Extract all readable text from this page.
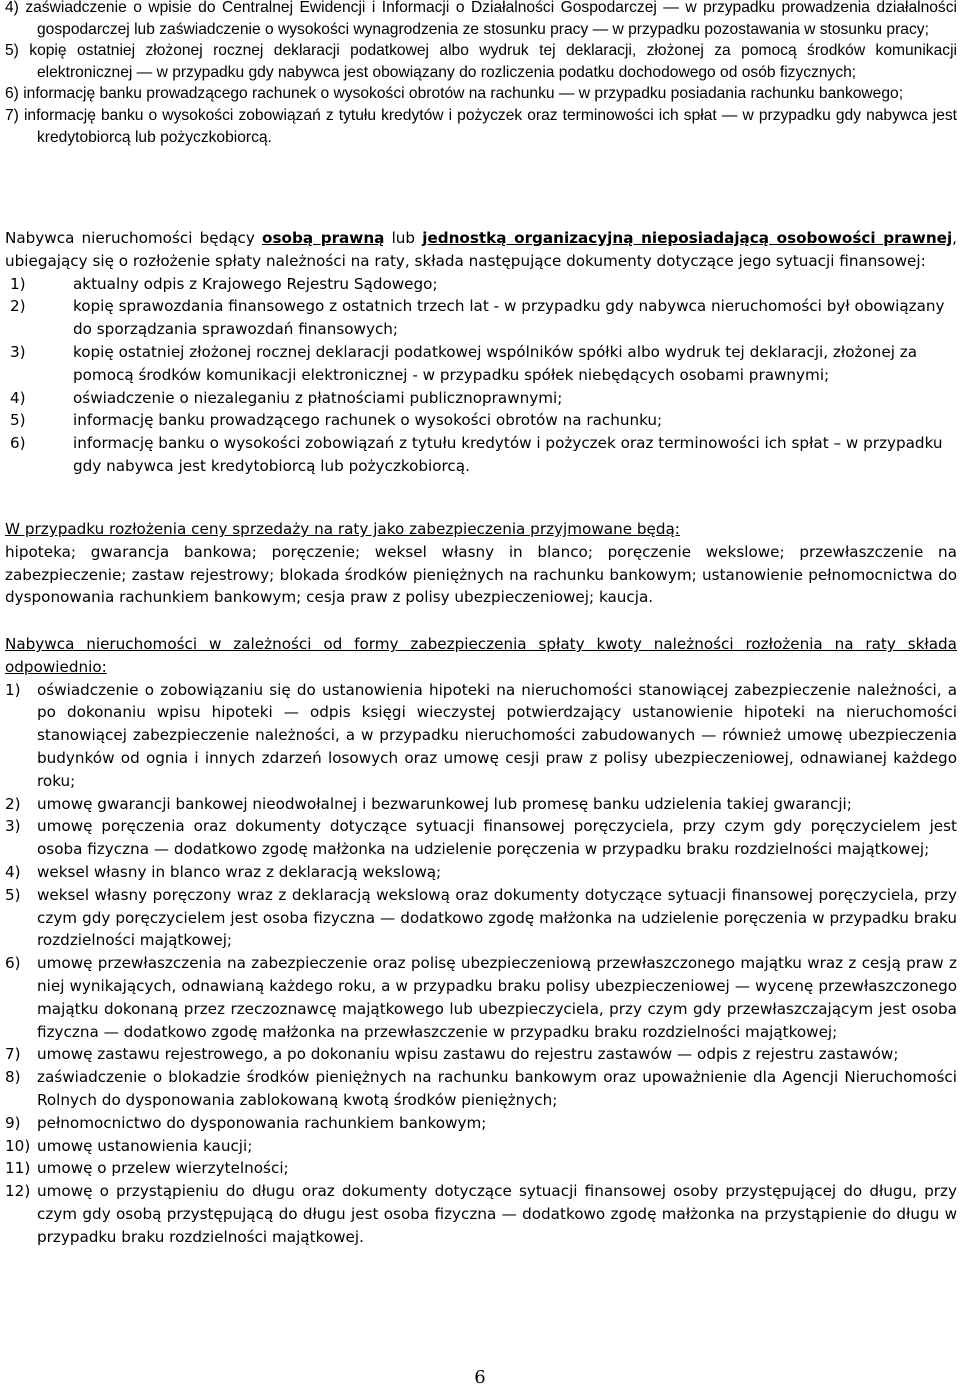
4) zaświadczenie o wpisie do Centralnej Ewidencji i Informacji o Działalności Gospodarczej — w przypadku prowadzenia działalności gospodarczej lub zaświadczenie o wysokości wynagrodzenia ze stosunku pracy — w przypadku pozostawania w stosunku pracy;

5) kopię ostatniej złożonej rocznej deklaracji podatkowej albo wydruk tej deklaracji, złożonej za pomocą środków komunikacji elektronicznej — w przypadku gdy nabywca jest obowiązany do rozliczenia podatku dochodowego od osób fizycznych;

6) informację banku prowadzącego rachunek o wysokości obrotów na rachunku — w przypadku posiadania rachunku bankowego;

7) informację banku o wysokości zobowiązań z tytułu kredytów i pożyczek oraz terminowości ich spłat — w przypadku gdy nabywca jest kredytobiorcą lub pożyczkobiorcą.

Nabywca nieruchomości będący osobą prawną lub jednostką organizacyjną nieposiadającą osobowości prawnej, ubiegający się o rozłożenie spłaty należności na raty, składa następujące dokumenty dotyczące jego sytuacji finansowej:

1)	aktualny odpis z Krajowego Rejestru Sądowego;
2)	kopię sprawozdania finansowego z ostatnich trzech lat - w przypadku gdy nabywca nieruchomości był obowiązany do sporządzania sprawozdań finansowych;
3)	kopię ostatniej złożonej rocznej deklaracji podatkowej wspólników spółki albo wydruk tej deklaracji, złożonej za pomocą środków komunikacji elektronicznej - w przypadku spółek niebędących osobami prawnymi;
4)	oświadczenie o niezaleganiu z płatnościami publicznoprawnymi;
5)	informację banku prowadzącego rachunek o wysokości obrotów na rachunku;
6)	informację banku o wysokości zobowiązań z tytułu kredytów i pożyczek oraz terminowości ich spłat – w przypadku gdy nabywca jest kredytobiorcą lub pożyczkobiorcą.

W przypadku rozłożenia ceny sprzedaży na raty jako zabezpieczenia przyjmowane będą:

hipoteka; gwarancja bankowa; poręczenie; weksel własny in blanco; poręczenie wekslowe; przewłaszczenie na zabezpieczenie; zastaw rejestrowy; blokada środków pieniężnych na rachunku bankowym; ustanowienie pełnomocnictwa do dysponowania rachunkiem bankowym; cesja praw z polisy ubezpieczeniowej; kaucja.

Nabywca nieruchomości w zależności od formy zabezpieczenia spłaty kwoty należności rozłożenia na raty składa odpowiednio:

1) oświadczenie o zobowiązaniu się do ustanowienia hipoteki na nieruchomości stanowiącej zabezpieczenie należności, a po dokonaniu wpisu hipoteki — odpis księgi wieczystej potwierdzający ustanowienie hipoteki na nieruchomości stanowiącej zabezpieczenie należności, a w przypadku nieruchomości zabudowanych — również umowę ubezpieczenia budynków od ognia i innych zdarzeń losowych oraz umowę cesji praw z polisy ubezpieczeniowej, odnawianej każdego roku;
2) umowę gwarancji bankowej nieodwołalnej i bezwarunkowej lub promesę banku udzielenia takiej gwarancji;
3) umowę poręczenia oraz dokumenty dotyczące sytuacji finansowej poręczyciela, przy czym gdy poręczycielem jest osoba fizyczna — dodatkowo zgodę małżonka na udzielenie poręczenia w przypadku braku rozdzielności majątkowej;
4) weksel własny in blanco wraz z deklaracją wekslową;
5) weksel własny poręczony wraz z deklaracją wekslową oraz dokumenty dotyczące sytuacji finansowej poręczyciela, przy czym gdy poręczycielem jest osoba fizyczna — dodatkowo zgodę małżonka na udzielenie poręczenia w przypadku braku rozdzielności majątkowej;
6) umowę przewłaszczenia na zabezpieczenie oraz polisę ubezpieczeniową przewłaszczonego majątku wraz z cesją praw z niej wynikających, odnawianą każdego roku, a w przypadku braku polisy ubezpieczeniowej — wycenę przewłaszczonego majątku dokonaną przez rzeczoznawcę majątkowego lub ubezpieczyciela, przy czym gdy przewłaszczającym jest osoba fizyczna — dodatkowo zgodę małżonka na przewłaszczenie w przypadku braku rozdzielności majątkowej;
7) umowę zastawu rejestrowego, a po dokonaniu wpisu zastawu do rejestru zastawów — odpis z rejestru zastawów;
8) zaświadczenie o blokadzie środków pieniężnych na rachunku bankowym oraz upoważnienie dla Agencji Nieruchomości Rolnych do dysponowania zablokowaną kwotą środków pieniężnych;
9) pełnomocnictwo do dysponowania rachunkiem bankowym;
10) umowę ustanowienia kaucji;
11) umowę o przelew wierzytelności;
12) umowę o przystąpieniu do długu oraz dokumenty dotyczące sytuacji finansowej osoby przystępującej do długu, przy czym gdy osobą przystępującą do długu jest osoba fizyczna — dodatkowo zgodę małżonka na przystąpienie do długu w przypadku braku rozdzielności majątkowej.
6
